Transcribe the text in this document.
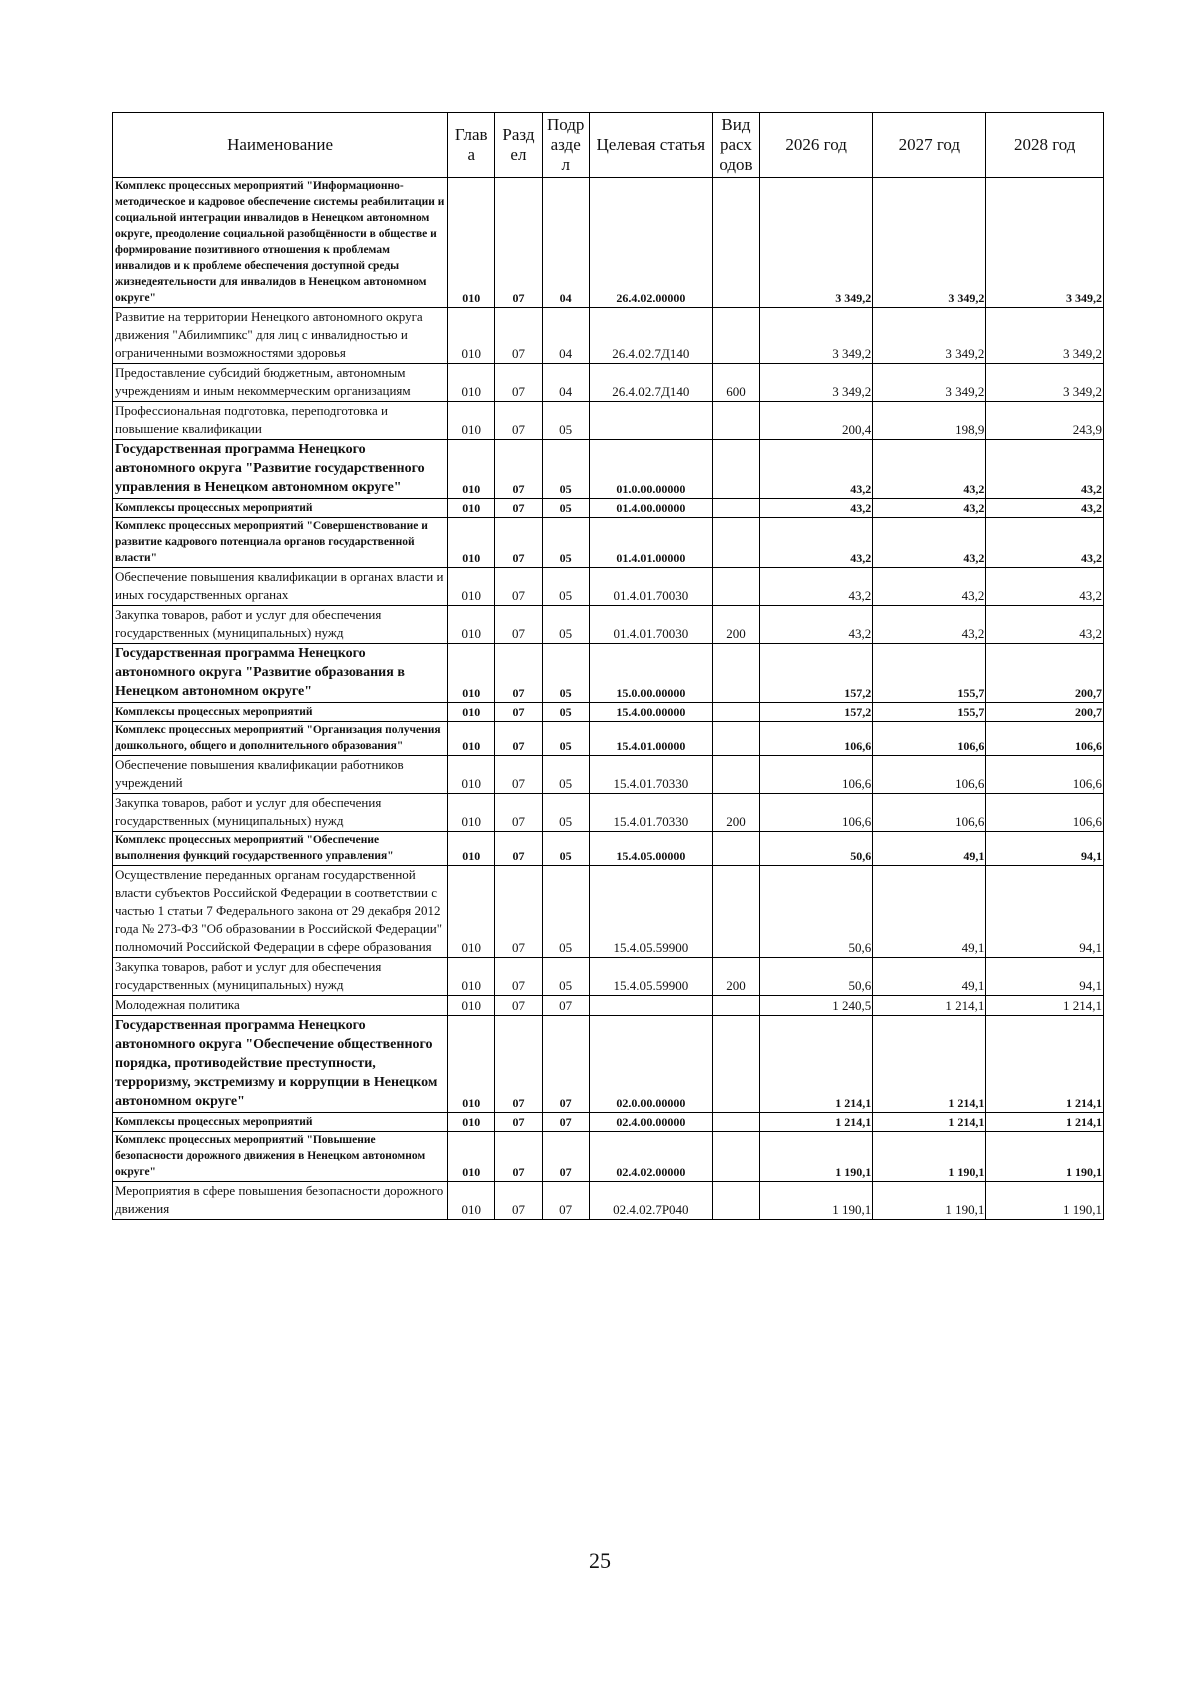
Наименование	Глав а	Разд ел	Подр азде л	Целевая статья	Вид расх одов	2026 год	2027 год	2028 год
Комплекс процессных мероприятий "Информационно-методическое и кадровое обеспечение системы реабилитации и социальной интеграции инвалидов в Ненецком автономном округе, преодоление социальной разобщённости в обществе и формирование позитивного отношения к проблемам инвалидов и к проблеме обеспечения доступной среды жизнедеятельности для инвалидов в Ненецком автономном округе"	010	07	04	26.4.02.00000		3 349,2	3 349,2	3 349,2
Развитие на территории Ненецкого автономного округа движения "Абилимпикс" для лиц с инвалидностью и ограниченными возможностями здоровья	010	07	04	26.4.02.7Д140		3 349,2	3 349,2	3 349,2
Предоставление субсидий бюджетным, автономным учреждениям и иным некоммерческим организациям	010	07	04	26.4.02.7Д140	600	3 349,2	3 349,2	3 349,2
Профессиональная подготовка, переподготовка и повышение квалификации	010	07	05			200,4	198,9	243,9
Государственная программа Ненецкого автономного округа "Развитие государственного управления в Ненецком автономном округе"	010	07	05	01.0.00.00000		43,2	43,2	43,2
Комплексы процессных мероприятий	010	07	05	01.4.00.00000		43,2	43,2	43,2
Комплекс процессных мероприятий "Совершенствование и развитие кадрового потенциала органов государственной власти"	010	07	05	01.4.01.00000		43,2	43,2	43,2
Обеспечение повышения квалификации в органах власти и иных государственных органах	010	07	05	01.4.01.70030		43,2	43,2	43,2
Закупка товаров, работ и услуг для обеспечения государственных (муниципальных) нужд	010	07	05	01.4.01.70030	200	43,2	43,2	43,2
Государственная программа Ненецкого автономного округа "Развитие образования в Ненецком автономном округе"	010	07	05	15.0.00.00000		157,2	155,7	200,7
Комплексы процессных мероприятий	010	07	05	15.4.00.00000		157,2	155,7	200,7
Комплекс процессных мероприятий "Организация получения дошкольного, общего и дополнительного образования"	010	07	05	15.4.01.00000		106,6	106,6	106,6
Обеспечение повышения квалификации работников учреждений	010	07	05	15.4.01.70330		106,6	106,6	106,6
Закупка товаров, работ и услуг для обеспечения государственных (муниципальных) нужд	010	07	05	15.4.01.70330	200	106,6	106,6	106,6
Комплекс процессных мероприятий "Обеспечение выполнения функций государственного управления"	010	07	05	15.4.05.00000		50,6	49,1	94,1
Осуществление переданных органам государственной власти субъектов Российской Федерации в соответствии с частью 1 статьи 7 Федерального закона от 29 декабря 2012 года № 273-ФЗ "Об образовании в Российской Федерации" полномочий Российской Федерации в сфере образования	010	07	05	15.4.05.59900		50,6	49,1	94,1
Закупка товаров, работ и услуг для обеспечения государственных (муниципальных) нужд	010	07	05	15.4.05.59900	200	50,6	49,1	94,1
Молодежная политика	010	07	07			1 240,5	1 214,1	1 214,1
Государственная программа Ненецкого автономного округа "Обеспечение общественного порядка, противодействие преступности, терроризму, экстремизму и коррупции в Ненецком автономном округе"	010	07	07	02.0.00.00000		1 214,1	1 214,1	1 214,1
Комплексы процессных мероприятий	010	07	07	02.4.00.00000		1 214,1	1 214,1	1 214,1
Комплекс процессных мероприятий "Повышение безопасности дорожного движения в Ненецком автономном округе"	010	07	07	02.4.02.00000		1 190,1	1 190,1	1 190,1
Мероприятия в сфере повышения безопасности дорожного движения	010	07	07	02.4.02.7Р040		1 190,1	1 190,1	1 190,1
25
